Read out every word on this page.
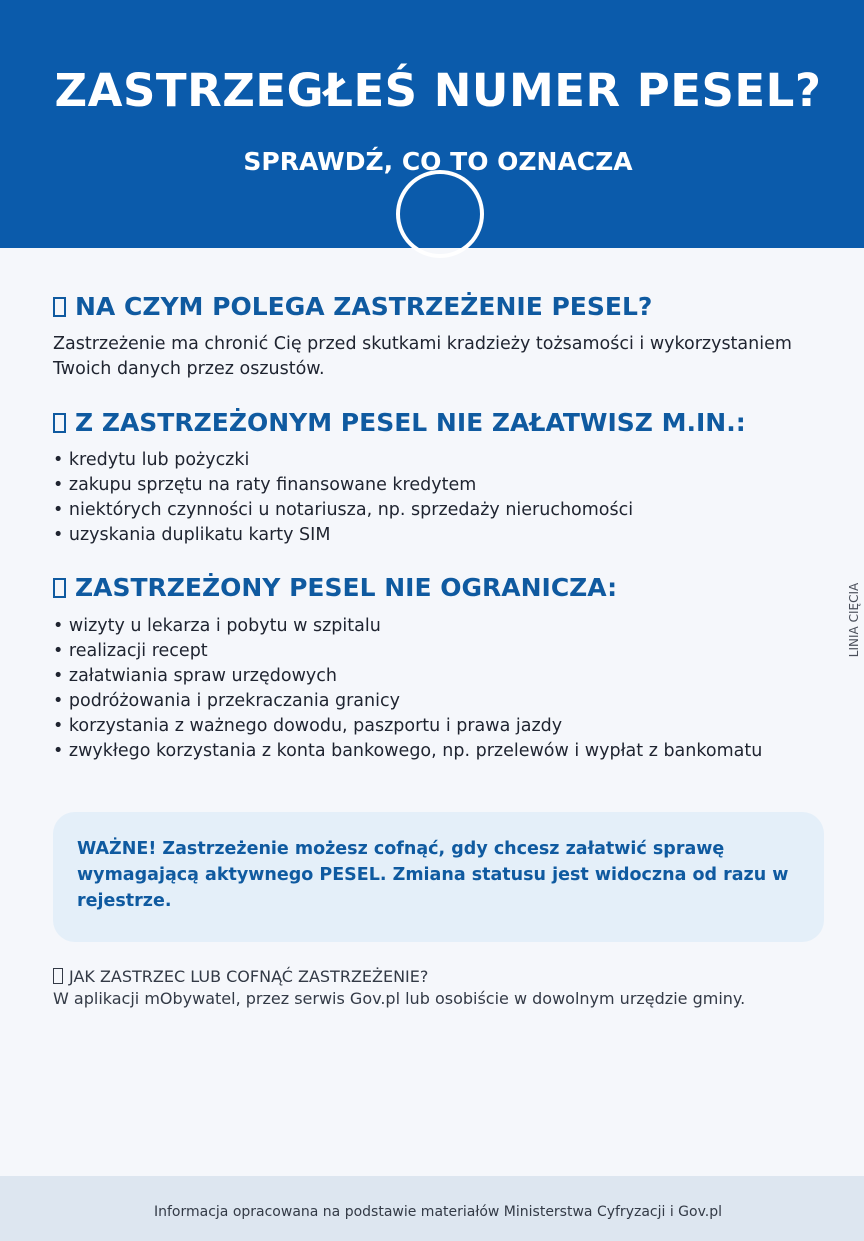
ZASTRZEGŁEŚ NUMER PESEL?
SPRAWDŹ, CO TO OZNACZA
NA CZYM POLEGA ZASTRZEŻENIE PESEL?
Zastrzeżenie ma chronić Cię przed skutkami kradzieży tożsamości i wykorzystaniem Twoich danych przez oszustów.
Z ZASTRZEŻONYM PESEL NIE ZAŁATWISZ M.IN.:
• kredytu lub pożyczki
• zakupu sprzętu na raty finansowane kredytem
• niektórych czynności u notariusza, np. sprzedaży nieruchomości
• uzyskania duplikatu karty SIM
ZASTRZEŻONY PESEL NIE OGRANICZA:
• wizyty u lekarza i pobytu w szpitalu
• realizacji recept
• załatwiania spraw urzędowych
• podróżowania i przekraczania granicy
• korzystania z ważnego dowodu, paszportu i prawa jazdy
• zwykłego korzystania z konta bankowego, np. przelewów i wypłat z bankomatu
LINIA CIĘCIA
WAŻNE! Zastrzeżenie możesz cofnąć, gdy chcesz załatwić sprawę wymagającą aktywnego PESEL. Zmiana statusu jest widoczna od razu w rejestrze.
JAK ZASTRZEC LUB COFNĄĆ ZASTRZEŻENIE?
W aplikacji mObywatel, przez serwis Gov.pl lub osobiście w dowolnym urzędzie gminy.
Informacja opracowana na podstawie materiałów Ministerstwa Cyfryzacji i Gov.pl
